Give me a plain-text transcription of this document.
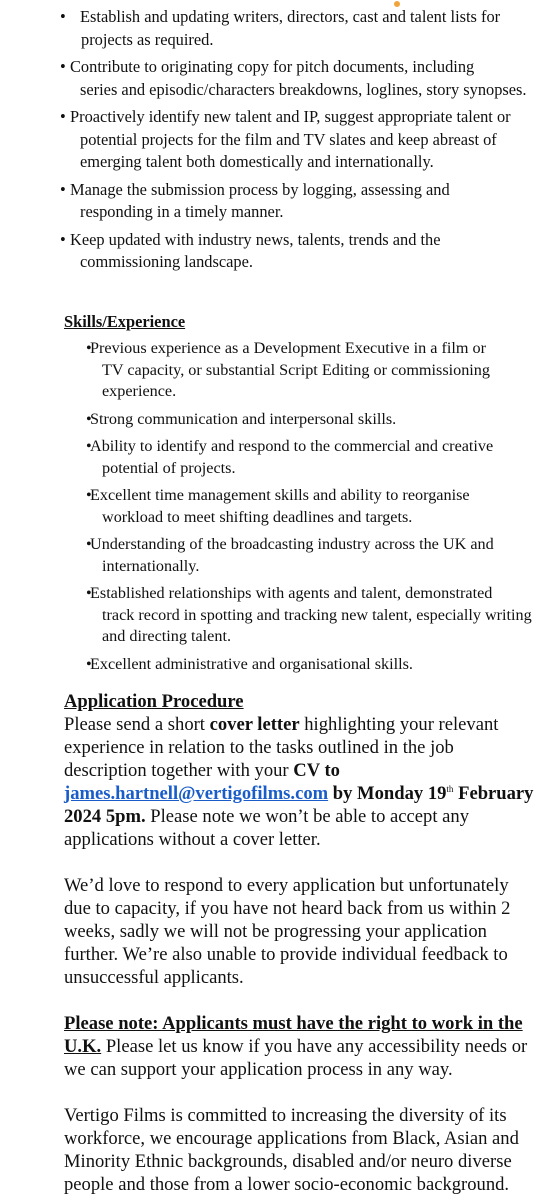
• Establish and updating writers, directors, cast and talent lists for
projects as required.
• Contribute to originating copy for pitch documents, including
series and episodic/characters breakdowns, loglines, story synopses.
• Proactively identify new talent and IP, suggest appropriate talent or
potential projects for the film and TV slates and keep abreast of emerging talent both domestically and internationally.
• Manage the submission process by logging, assessing and
responding in a timely manner.
• Keep updated with industry news, talents, trends and the
commissioning landscape.
Skills/Experience
•
Previous experience as a Development Executive in a film or
TV capacity, or substantial Script Editing or commissioning experience.
•
Strong communication and interpersonal skills.
•
Ability to identify and respond to the commercial and creative
potential of projects.
•
Excellent time management skills and ability to reorganise
workload to meet shifting deadlines and targets.
•
Understanding of the broadcasting industry across the UK and
internationally.
•
Established relationships with agents and talent, demonstrated
track record in spotting and tracking new talent, especially writing and directing talent.
•
Excellent administrative and organisational skills.

Application Procedure

Please send a short cover letter highlighting your relevant experience in relation to the tasks outlined in the job description together with your CV to james.hartnell@vertigofilms.com by Monday 19th February 2024 5pm. Please note we won’t be able to accept any applications without a cover letter.

We’d love to respond to every application but unfortunately due to capacity, if you have not heard back from us within 2 weeks, sadly we will not be progressing your application further. We’re also unable to provide individual feedback to unsuccessful applicants.

Please note: Applicants must have the right to work in the U.K. Please let us know if you have any accessibility needs or we can support your application process in any way.

Vertigo Films is committed to increasing the diversity of its workforce, we encourage applications from Black, Asian and Minority Ethnic backgrounds, disabled and/or neuro diverse people and those from a lower socio-economic background.
